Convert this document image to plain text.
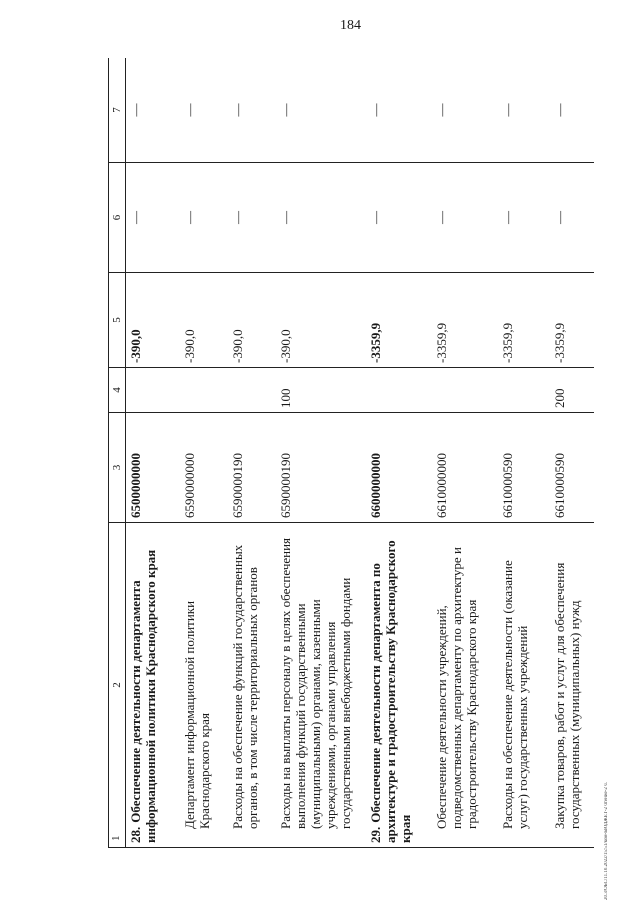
184
20.3/ОБС/11.10.2022/15:51/ком-БЮДЖЕТ-2 чтение-2 ч.
1
2	3	4	5	6	7
28.Обеспечение деятельности департамента информационной политики Краснодарского края	6500000000		-390,0	—	—
Департамент информационной политики Краснодарского края	6590000000		-390,0	—	—
Расходы на обеспечение функций государственных органов, в том числе территориальных органов	6590000190		-390,0	—	—
Расходы на выплаты персоналу в целях обеспечения выполнения функций государственными (муниципальными) органами, казенными учреждениями, органами управления государственными внебюджетными фондами	6590000190	100	-390,0	—	—
29.Обеспечение деятельности департамента по архитектуре и градостроительству Краснодарского края	6600000000		-3359,9	—	—
Обеспечение деятельности учреждений, подведомственных департаменту по архитектуре и градостроительству Краснодарского края	6610000000		-3359,9	—	—
Расходы на обеспечение деятельности (оказание услуг) государственных учреждений	6610000590		-3359,9	—	—
Закупка товаров, работ и услуг для обеспечения государственных (муниципальных) нужд	6610000590	200	-3359,9	—	—
